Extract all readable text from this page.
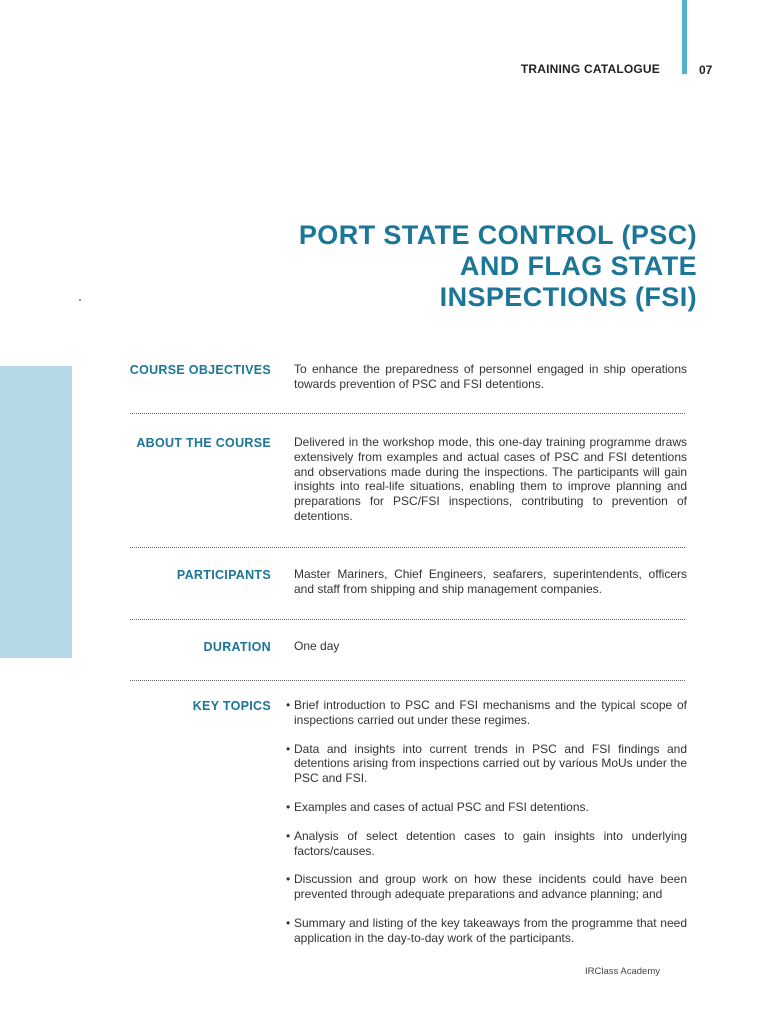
TRAINING CATALOGUE	07
PORT STATE CONTROL (PSC)
AND FLAG STATE
INSPECTIONS (FSI)
COURSE OBJECTIVES To enhance the preparedness of personnel engaged in ship operations towards prevention of PSC and FSI detentions.
ABOUT THE COURSE Delivered in the workshop mode, this one-day training programme draws extensively from examples and actual cases of PSC and FSI detentions and observations made during the inspections. The participants will gain insights into real-life situations, enabling them to improve planning and preparations for PSC/FSI inspections, contributing to prevention of detentions.
PARTICIPANTS Master Mariners, Chief Engineers, seafarers, superintendents, officers and staff from shipping and ship management companies.
DURATION One day
KEY TOPICS • Brief introduction to PSC and FSI mechanisms and the typical scope of inspections carried out under these regimes.
• Data and insights into current trends in PSC and FSI findings and detentions arising from inspections carried out by various MoUs under the PSC and FSI.
• Examples and cases of actual PSC and FSI detentions.
• Analysis of select detention cases to gain insights into underlying factors/causes.
• Discussion and group work on how these incidents could have been prevented through adequate preparations and advance planning; and
• Summary and listing of the key takeaways from the programme that need application in the day-to-day work of the participants.
IRClass Academy
